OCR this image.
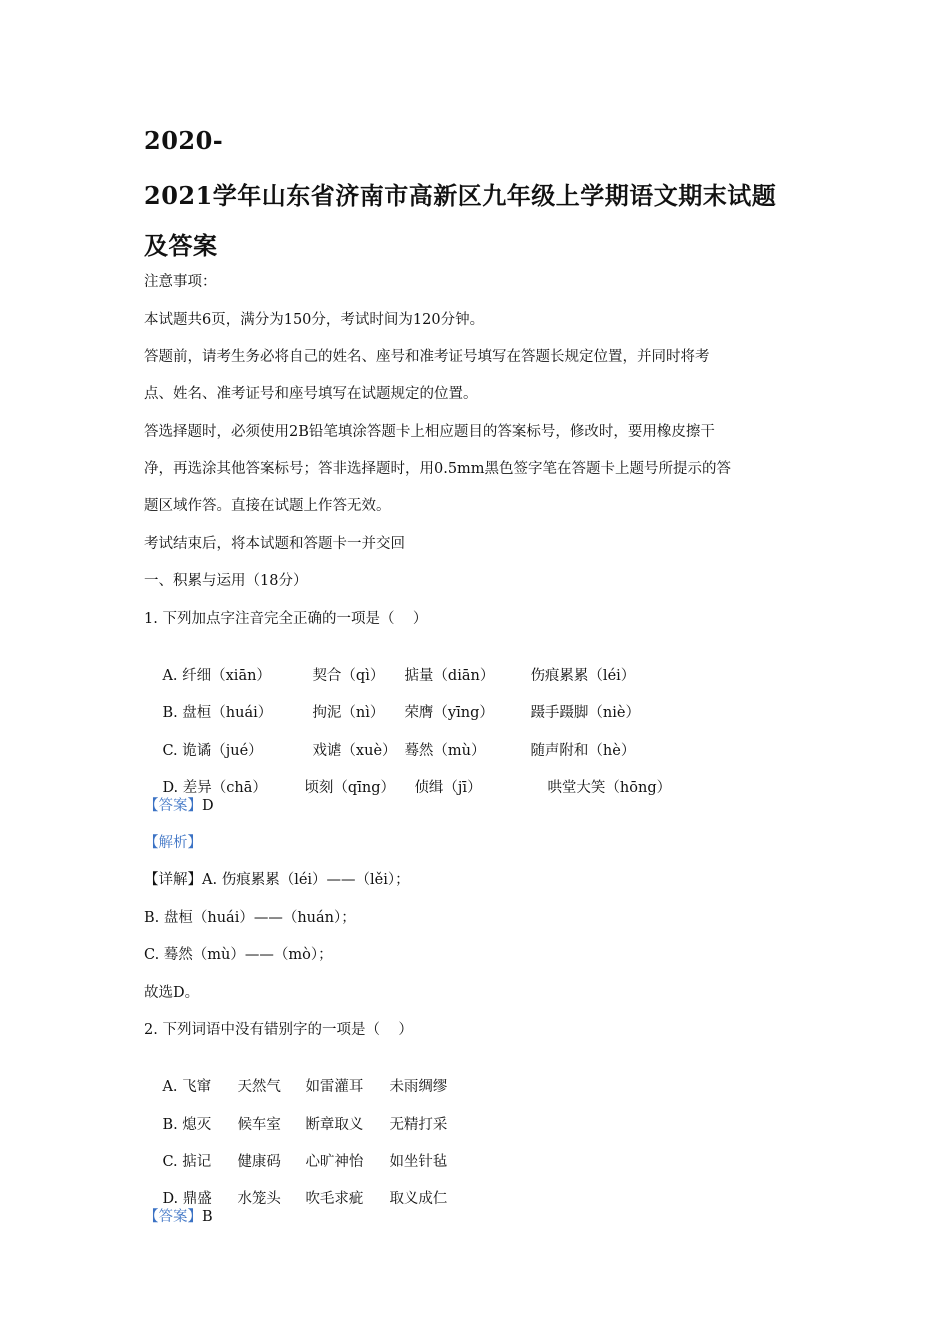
2020-
2021学年山东省济南市高新区九年级上学期语文期末试题
及答案
注意事项：
本试题共6页，满分为150分，考试时间为120分钟。
答题前，请考生务必将自己的姓名、座号和准考证号填写在答题长规定位置，并同时将考
点、姓名、准考证号和座号填写在试题规定的位置。
答选择题时，必须使用2B铅笔填涂答题卡上相应题目的答案标号，修改时，要用橡皮擦干
净，再选涂其他答案标号；答非选择题时，用0.5mm黑色签字笔在答题卡上题号所提示的答
题区域作答。直接在试题上作答无效。
考试结束后，将本试题和答题卡一并交回
一、积累与运用（18分）
1. 下列加点字注音完全正确的一项是（    ）

A. 纤细（xiān）	契合（qì） 掂量（diān） 伤痕累累（léi）

B. 盘桓（huái）	拘泥（nì） 荣膺（yīng）	蹑手蹑脚（niè）

C. 诡谲（jué）	戏谑（xuè） 蓦然（mù）	随声附和（hè）

D. 差异（chā）	顷刻（qīng） 侦缉（jī）	哄堂大笑（hōng）

【答案】D
【解析】
【详解】A. 伤痕累累（léi）——（lěi）；
B. 盘桓（huái）——（huán）；
C. 蓦然（mù）——（mò）；
故选D。
2. 下列词语中没有错别字的一项是（    ）

A. 飞窜 天然气 如雷灌耳 未雨绸缪

B. 熄灭 候车室 断章取义 无精打采

C. 掂记 健康码 心旷神怡 如坐针毡

D. 鼎盛 水笼头 吹毛求疵 取义成仁

【答案】B
